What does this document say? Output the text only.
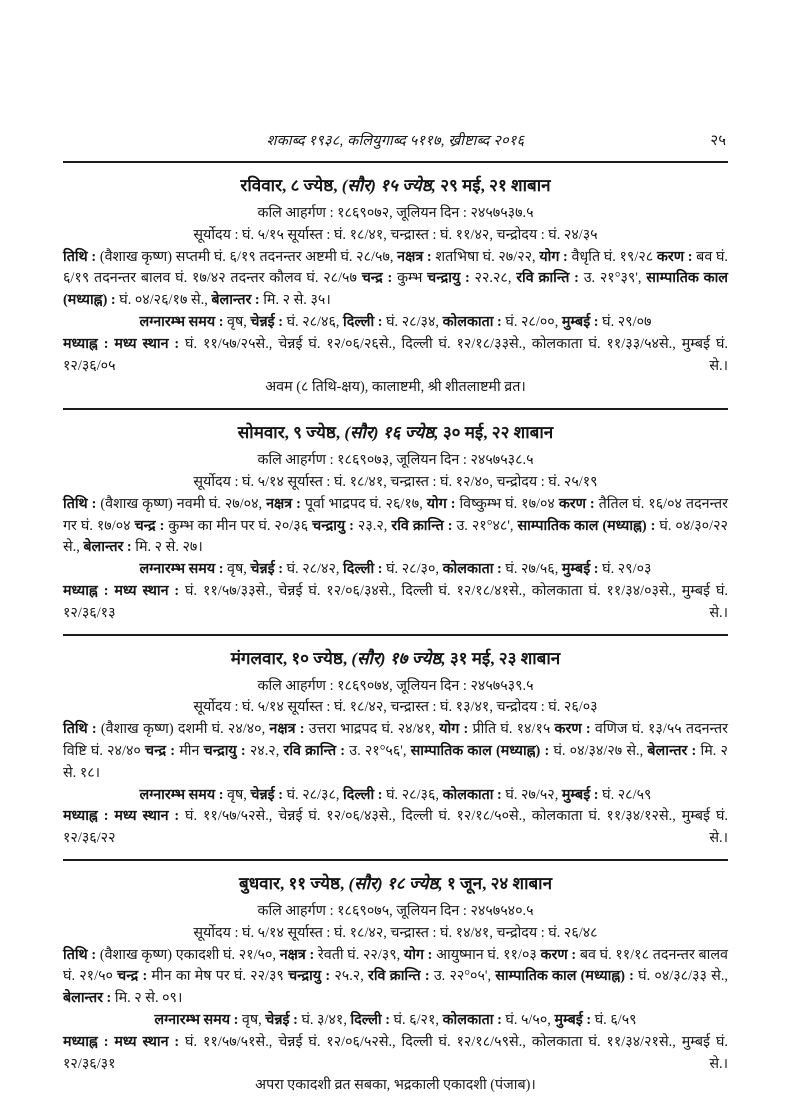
शकाब्द १९३८, कलियुगाब्द ५११७, ख्रीष्टाब्द २०१६	२५
रविवार, ८ ज्येष्ठ, (सौर) १५ ज्येष्ठ, २९ मई, २१ शाबान

कलि आहर्गण : १८६९०७२, जूलियन दिन : २४५७५३७.५

सूर्योदय : घं. ५/१५ सूर्यास्त : घं. १८/४१, चन्द्रास्त : घं. ११/४२, चन्द्रोदय : घं. २४/३५

तिथि : (वैशाख कृष्ण) सप्तमी घं. ६/१९ तदनन्तर अष्टमी घं. २८/५७, नक्षत्र : शतभिषा घं. २७/२२, योग : वैधृति घं. १९/२८ करण : बव घं. ६/१९ तदनन्तर बालव घं. १७/४२ तदन्तर कौलव घं. २८/५७ चन्द्र : कुम्भ चन्द्रायु : २२.२८, रवि क्रान्ति : उ. २१°३९', साम्पातिक काल (मध्याह्न) : घं. ०४/२६/१७ से., बेलान्तर : मि. २ से. ३५।

लग्नारम्भ समय : वृष, चेन्नई : घं. २८/४६, दिल्ली : घं. २८/३४, कोलकाता : घं. २८/००, मुम्बई : घं. २९/०७

मध्याह्न : मध्य स्थान : घं. ११/५७/२५से., चेन्नई घं. १२/०६/२६से., दिल्ली घं. १२/१८/३३से., कोलकाता घं. ११/३३/५४से., मुम्बई घं. १२/३६/०५ से.।

अवम (८ तिथि-क्षय), कालाष्टमी, श्री शीतलाष्टमी व्रत।

सोमवार, ९ ज्येष्ठ, (सौर) १६ ज्येष्ठ, ३० मई, २२ शाबान

कलि आहर्गण : १८६९०७३, जूलियन दिन : २४५७५३८.५

सूर्योदय : घं. ५/१४ सूर्यास्त : घं. १८/४१, चन्द्रास्त : घं. १२/४०, चन्द्रोदय : घं. २५/१९

तिथि : (वैशाख कृष्ण) नवमी घं. २७/०४, नक्षत्र : पूर्वा भाद्रपद घं. २६/१७, योग : विष्कुम्भ घं. १७/०४ करण : तैतिल घं. १६/०४ तदनन्तर गर घं. १७/०४ चन्द्र : कुम्भ का मीन पर घं. २०/३६ चन्द्रायु : २३.२, रवि क्रान्ति : उ. २१°४८', साम्पातिक काल (मध्याह्न) : घं. ०४/३०/२२ से., बेलान्तर : मि. २ से. २७।

लग्नारम्भ समय : वृष, चेन्नई : घं. २८/४२, दिल्ली : घं. २८/३०, कोलकाता : घं. २७/५६, मुम्बई : घं. २९/०३

मध्याह्न : मध्य स्थान : घं. ११/५७/३३से., चेन्नई घं. १२/०६/३४से., दिल्ली घं. १२/१८/४१से., कोलकाता घं. ११/३४/०३से., मुम्बई घं. १२/३६/१३ से.।

मंगलवार, १० ज्येष्ठ, (सौर) १७ ज्येष्ठ, ३१ मई, २३ शाबान

कलि आहर्गण : १८६९०७४, जूलियन दिन : २४५७५३९.५

सूर्योदय : घं. ५/१४ सूर्यास्त : घं. १८/४२, चन्द्रास्त : घं. १३/४१, चन्द्रोदय : घं. २६/०३

तिथि : (वैशाख कृष्ण) दशमी घं. २४/४०, नक्षत्र : उत्तरा भाद्रपद घं. २४/४१, योग : प्रीति घं. १४/१५ करण : वणिज घं. १३/५५ तदनन्तर विष्टि घं. २४/४० चन्द्र : मीन चन्द्रायु : २४.२, रवि क्रान्ति : उ. २१°५६', साम्पातिक काल (मध्याह्न) : घं. ०४/३४/२७ से., बेलान्तर : मि. २ से. १८।

लग्नारम्भ समय : वृष, चेन्नई : घं. २८/३८, दिल्ली : घं. २८/३६, कोलकाता : घं. २७/५२, मुम्बई : घं. २८/५९

मध्याह्न : मध्य स्थान : घं. ११/५७/५२से., चेन्नई घं. १२/०६/४३से., दिल्ली घं. १२/१८/५०से., कोलकाता घं. ११/३४/१२से., मुम्बई घं. १२/३६/२२ से.।

बुधवार, ११ ज्येष्ठ, (सौर) १८ ज्येष्ठ, १ जून, २४ शाबान

कलि आहर्गण : १८६९०७५, जूलियन दिन : २४५७५४०.५

सूर्योदय : घं. ५/१४ सूर्यास्त : घं. १८/४२, चन्द्रास्त : घं. १४/४१, चन्द्रोदय : घं. २६/४८

तिथि : (वैशाख कृष्ण) एकादशी घं. २१/५०, नक्षत्र : रेवती घं. २२/३९, योग : आयुष्मान घं. ११/०३ करण : बव घं. ११/१८ तदनन्तर बालव घं. २१/५० चन्द्र : मीन का मेष पर घं. २२/३९ चन्द्रायु : २५.२, रवि क्रान्ति : उ. २२°०५', साम्पातिक काल (मध्याह्न) : घं. ०४/३८/३३ से., बेलान्तर : मि. २ से. ०९।

लग्नारम्भ समय : वृष, चेन्नई : घं. ३/४१, दिल्ली : घं. ६/२१, कोलकाता : घं. ५/५०, मुम्बई : घं. ६/५९

मध्याह्न : मध्य स्थान : घं. ११/५७/५१से., चेन्नई घं. १२/०६/५२से., दिल्ली घं. १२/१८/५९से., कोलकाता घं. ११/३४/२१से., मुम्बई घं. १२/३६/३१ से.।

अपरा एकादशी व्रत सबका, भद्रकाली एकादशी (पंजाब)।
